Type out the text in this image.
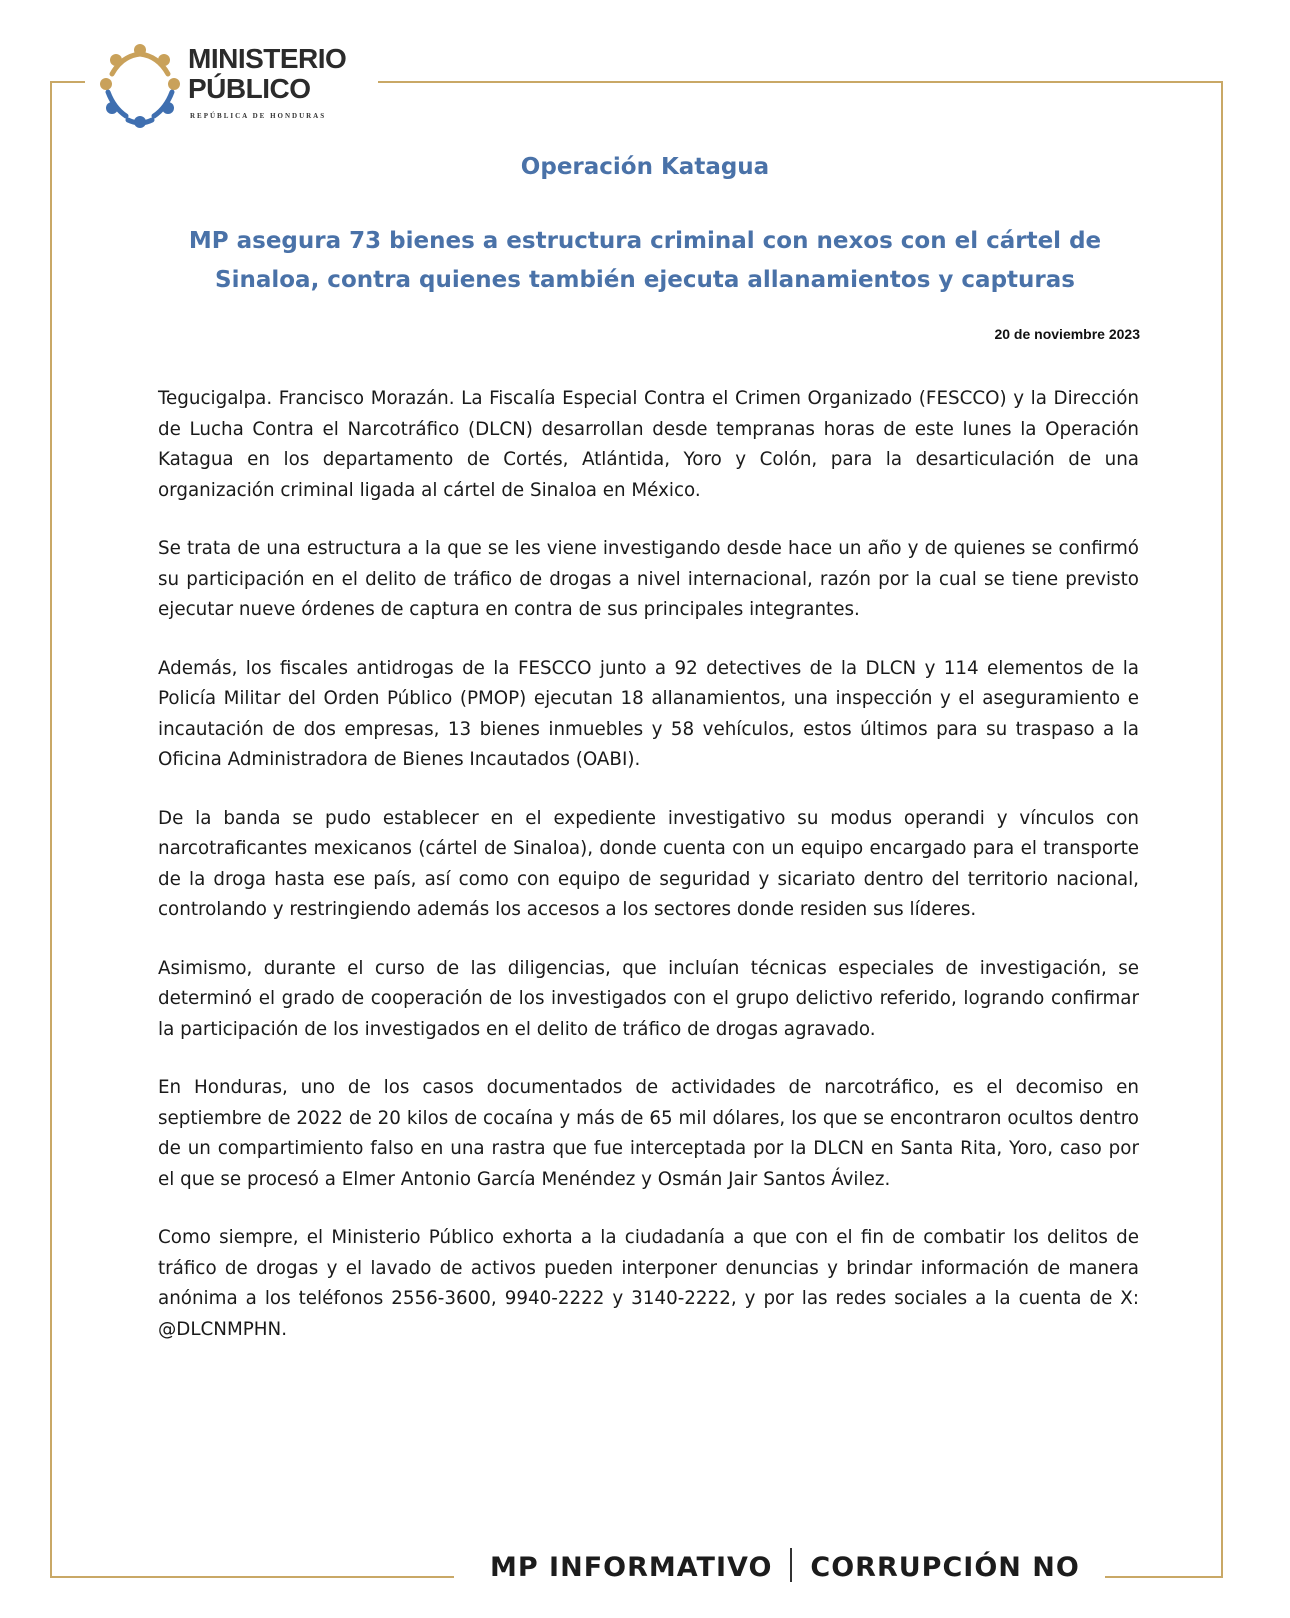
MINISTERIO
PÚBLICO
REPÚBLICA DE HONDURAS
Operación Katagua
MP asegura 73 bienes a estructura criminal con nexos con el cártel de Sinaloa, contra quienes también ejecuta allanamientos y capturas
20 de noviembre 2023

Tegucigalpa. Francisco Morazán. La Fiscalía Especial Contra el Crimen Organizado (FESCCO) y la Dirección de Lucha Contra el Narcotráfico (DLCN) desarrollan desde tempranas horas de este lunes la Operación Katagua en los departamento de Cortés, Atlántida, Yoro y Colón, para la desarticulación de una organización criminal ligada al cártel de Sinaloa en México.

Se trata de una estructura a la que se les viene investigando desde hace un año y de quienes se confirmó su participación en el delito de tráfico de drogas a nivel internacional, razón por la cual se tiene previsto ejecutar nueve órdenes de captura en contra de sus principales integrantes.

Además, los fiscales antidrogas de la FESCCO junto a 92 detectives de la DLCN y 114 elementos de la Policía Militar del Orden Público (PMOP) ejecutan 18 allanamientos, una inspección y el aseguramiento e incautación de dos empresas, 13 bienes inmuebles y 58 vehículos, estos últimos para su traspaso a la Oficina Administradora de Bienes Incautados (OABI).

De la banda se pudo establecer en el expediente investigativo su modus operandi y vínculos con narcotraficantes mexicanos (cártel de Sinaloa), donde cuenta con un equipo encargado para el transporte de la droga hasta ese país, así como con equipo de seguridad y sicariato dentro del territorio nacional, controlando y restringiendo además los accesos a los sectores donde residen sus líderes.

Asimismo, durante el curso de las diligencias, que incluían técnicas especiales de investigación, se determinó el grado de cooperación de los investigados con el grupo delictivo referido, logrando confirmar la participación de los investigados en el delito de tráfico de drogas agravado.

En Honduras, uno de los casos documentados de actividades de narcotráfico, es el decomiso en septiembre de 2022 de 20 kilos de cocaína y más de 65 mil dólares, los que se encontraron ocultos dentro de un compartimiento falso en una rastra que fue interceptada por la DLCN en Santa Rita, Yoro, caso por el que se procesó a Elmer Antonio García Menéndez y Osmán Jair Santos Ávilez.

Como siempre, el Ministerio Público exhorta a la ciudadanía a que con el fin de combatir los delitos de tráfico de drogas y el lavado de activos pueden interponer denuncias y brindar información de manera anónima a los teléfonos 2556-3600, 9940-2222 y 3140-2222, y por las redes sociales a la cuenta de X: @DLCNMPHN.

MP INFORMATIVO CORRUPCIÓN NO
